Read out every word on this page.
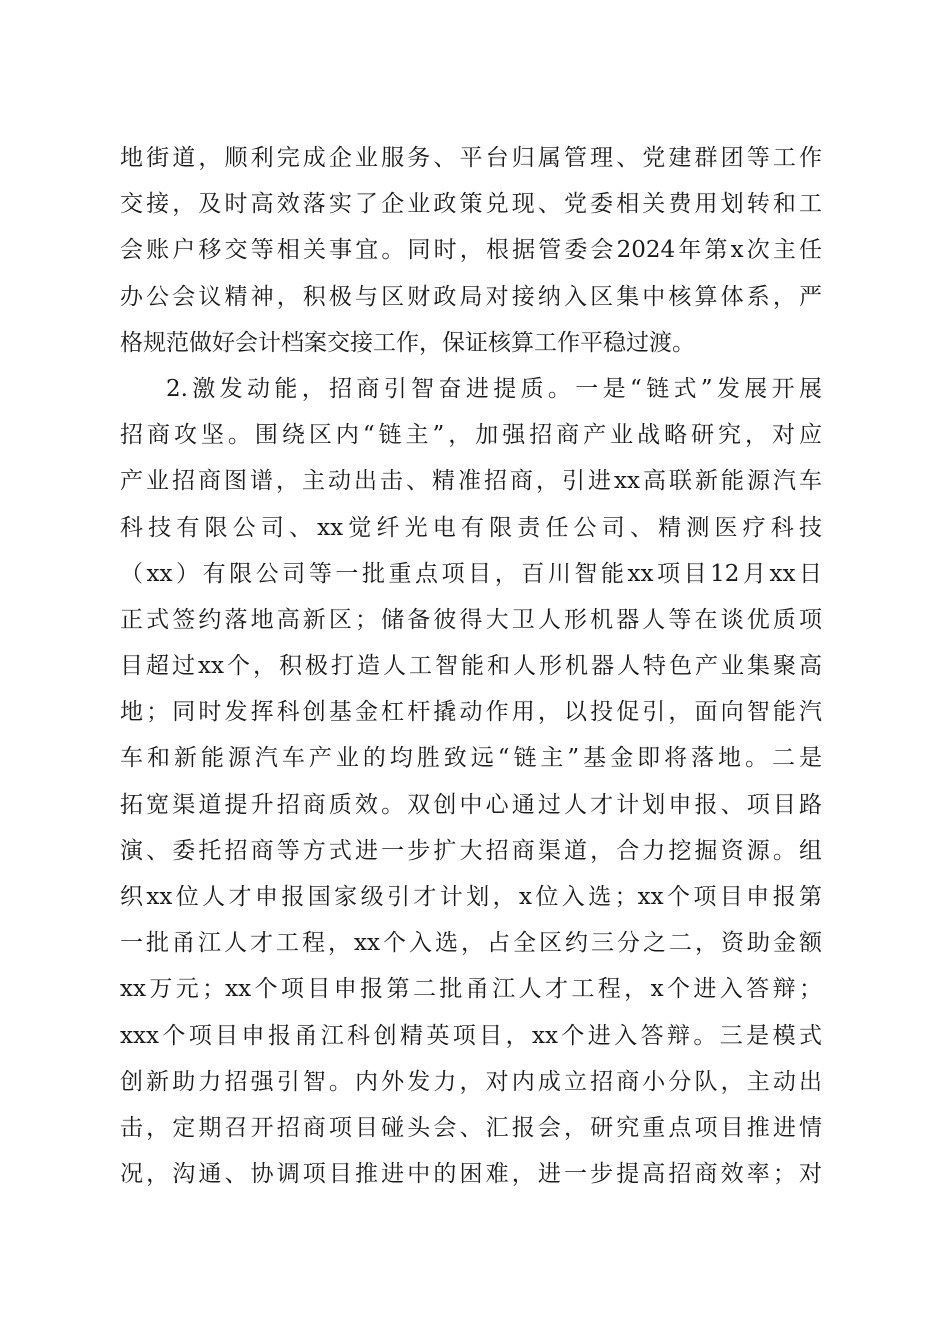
地街道，顺利完成企业服务、平台归属管理、党建群团等工作
交接，及时高效落实了企业政策兑现、党委相关费用划转和工
会账户移交等相关事宜。同时，根据管委会2024年第x次主任
办公会议精神，积极与区财政局对接纳入区集中核算体系，严
格规范做好会计档案交接工作，保证核算工作平稳过渡。
2.激发动能，招商引智奋进提质。一是“链式”发展开展
招商攻坚。围绕区内“链主”，加强招商产业战略研究，对应
产业招商图谱，主动出击、精准招商，引进xx高联新能源汽车
科技有限公司、xx觉纤光电有限责任公司、精测医疗科技
（xx）有限公司等一批重点项目，百川智能xx项目12月xx日
正式签约落地高新区；储备彼得大卫人形机器人等在谈优质项
目超过xx个，积极打造人工智能和人形机器人特色产业集聚高
地；同时发挥科创基金杠杆撬动作用，以投促引，面向智能汽
车和新能源汽车产业的均胜致远“链主”基金即将落地。二是
拓宽渠道提升招商质效。双创中心通过人才计划申报、项目路
演、委托招商等方式进一步扩大招商渠道，合力挖掘资源。组
织xx位人才申报国家级引才计划，x位入选；xx个项目申报第
一批甬江人才工程，xx个入选，占全区约三分之二，资助金额
xx万元；xx个项目申报第二批甬江人才工程，x个进入答辩；
xxx个项目申报甬江科创精英项目，xx个进入答辩。三是模式
创新助力招强引智。内外发力，对内成立招商小分队，主动出
击，定期召开招商项目碰头会、汇报会，研究重点项目推进情
况，沟通、协调项目推进中的困难，进一步提高招商效率；对
